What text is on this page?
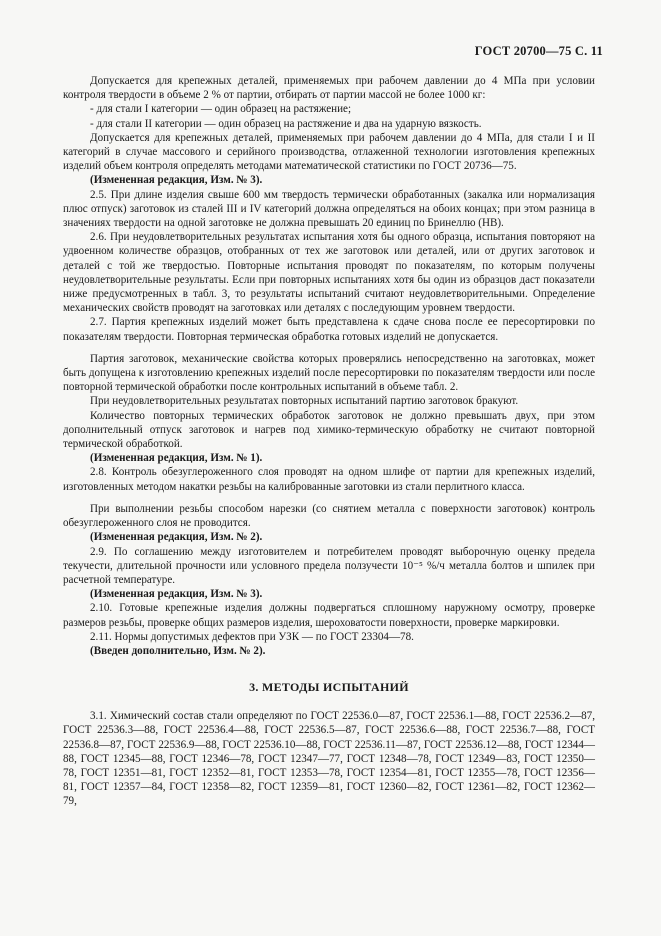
ГОСТ 20700—75 С. 11

Допускается для крепежных деталей, применяемых при рабочем давлении до 4 МПа при условии контроля твердости в объеме 2 % от партии, отбирать от партии массой не более 1000 кг:

- для стали I категории — один образец на растяжение;

- для стали II категории — один образец на растяжение и два на ударную вязкость.

Допускается для крепежных деталей, применяемых при рабочем давлении до 4 МПа, для стали I и II категорий в случае массового и серийного производства, отлаженной технологии изготовления крепежных изделий объем контроля определять методами математической статистики по ГОСТ 20736—75.

(Измененная редакция, Изм. № 3).

2.5. При длине изделия свыше 600 мм твердость термически обработанных (закалка или нормализация плюс отпуск) заготовок из сталей III и IV категорий должна определяться на обоих концах; при этом разница в значениях твердости на одной заготовке не должна превышать 20 единиц по Бринеллю (НВ).

2.6. При неудовлетворительных результатах испытания хотя бы одного образца, испытания повторяют на удвоенном количестве образцов, отобранных от тех же заготовок или деталей, или от других заготовок и деталей с той же твердостью. Повторные испытания проводят по показателям, по которым получены неудовлетворительные результаты. Если при повторных испытаниях хотя бы один из образцов даст показатели ниже предусмотренных в табл. 3, то результаты испытаний считают неудовлетворительными. Определение механических свойств проводят на заготовках или деталях с последующим уровнем твердости.

2.7. Партия крепежных изделий может быть представлена к сдаче снова после ее пересортировки по показателям твердости. Повторная термическая обработка готовых изделий не допускается.

Партия заготовок, механические свойства которых проверялись непосредственно на заготовках, может быть допущена к изготовлению крепежных изделий после пересортировки по показателям твердости или после повторной термической обработки после контрольных испытаний в объеме табл. 2.

При неудовлетворительных результатах повторных испытаний партию заготовок бракуют.

Количество повторных термических обработок заготовок не должно превышать двух, при этом дополнительный отпуск заготовок и нагрев под химико-термическую обработку не считают повторной термической обработкой.

(Измененная редакция, Изм. № 1).

2.8. Контроль обезуглероженного слоя проводят на одном шлифе от партии для крепежных изделий, изготовленных методом накатки резьбы на калиброванные заготовки из стали перлитного класса.

При выполнении резьбы способом нарезки (со снятием металла с поверхности заготовок) контроль обезуглероженного слоя не проводится.

(Измененная редакция, Изм. № 2).

2.9. По соглашению между изготовителем и потребителем проводят выборочную оценку предела текучести, длительной прочности или условного предела ползучести 10⁻⁵ %/ч металла болтов и шпилек при расчетной температуре.

(Измененная редакция, Изм. № 3).

2.10. Готовые крепежные изделия должны подвергаться сплошному наружному осмотру, проверке размеров резьбы, проверке общих размеров изделия, шероховатости поверхности, проверке маркировки.

2.11. Нормы допустимых дефектов при УЗК — по ГОСТ 23304—78.

(Введен дополнительно, Изм. № 2).

3. МЕТОДЫ ИСПЫТАНИЙ

3.1. Химический состав стали определяют по ГОСТ 22536.0—87, ГОСТ 22536.1—88, ГОСТ 22536.2—87, ГОСТ 22536.3—88, ГОСТ 22536.4—88, ГОСТ 22536.5—87, ГОСТ 22536.6—88, ГОСТ 22536.7—88, ГОСТ 22536.8—87, ГОСТ 22536.9—88, ГОСТ 22536.10—88, ГОСТ 22536.11—87, ГОСТ 22536.12—88, ГОСТ 12344—88, ГОСТ 12345—88, ГОСТ 12346—78, ГОСТ 12347—77, ГОСТ 12348—78, ГОСТ 12349—83, ГОСТ 12350—78, ГОСТ 12351—81, ГОСТ 12352—81, ГОСТ 12353—78, ГОСТ 12354—81, ГОСТ 12355—78, ГОСТ 12356—81, ГОСТ 12357—84, ГОСТ 12358—82, ГОСТ 12359—81, ГОСТ 12360—82, ГОСТ 12361—82, ГОСТ 12362—79,
